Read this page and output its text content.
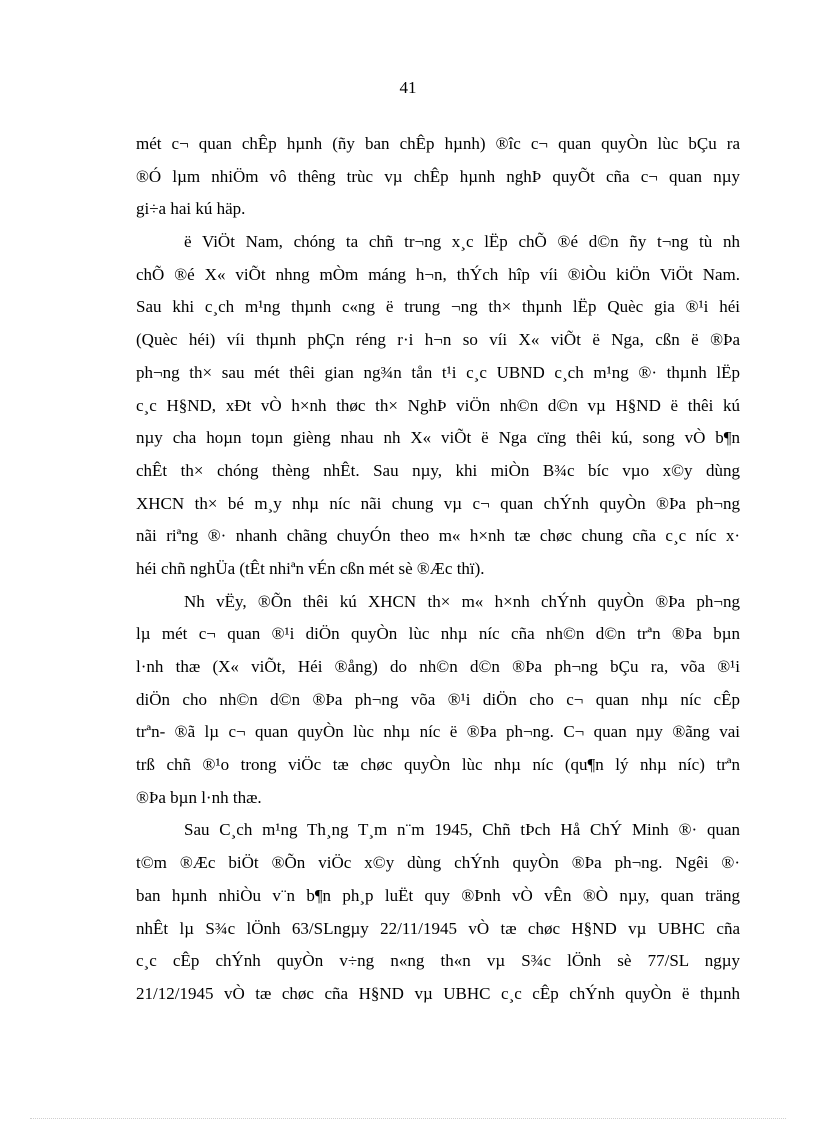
41
mét c¬ quan chÊp hµnh (ñy ban chÊp hµnh) ®îc c¬ quan quyÒn lùc bÇu ra
®Ó lµm nhiÖm vô thêng trùc vµ chÊp hµnh nghÞ quyÕt cña c¬ quan nµy
gi÷a hai kú häp.
ë ViÖt Nam, chóng ta chñ tr¬ng x¸c lËp chÕ ®é d©n ñy t¬ng tù nh
chÕ ®é X« viÕt nhng mÒm máng h¬n, thÝch hîp víi ®iÒu kiÖn ViÖt Nam.
Sau khi c¸ch m¹ng thµnh c«ng ë trung ¬ng th× thµnh lËp Quèc gia ®¹i héi
(Quèc héi) víi thµnh phÇn réng r·i h¬n so víi X« viÕt ë Nga, cßn ë ®Þa
ph¬ng th× sau mét thêi gian ng¾n tån t¹i c¸c UBND c¸ch m¹ng ®· thµnh lËp
c¸c H§ND, xÐt vÒ h×nh thøc th× NghÞ viÖn nh©n d©n vµ H§ND ë thêi kú
nµy cha hoµn toµn gièng nhau nh X« viÕt ë Nga cïng thêi kú, song vÒ b¶n
chÊt th× chóng thèng nhÊt. Sau nµy, khi miÒn B¾c bíc vµo x©y dùng
XHCN th× bé m¸y nhµ níc nãi chung vµ c¬ quan chÝnh quyÒn ®Þa ph¬ng
nãi riªng ®· nhanh chãng chuyÓn theo m« h×nh tæ chøc chung cña c¸c níc x·
héi chñ nghÜa (tÊt nhiªn vÉn cßn mét sè ®Æc thï).
Nh vËy, ®Õn thêi kú XHCN th× m« h×nh chÝnh quyÒn ®Þa ph¬ng
lµ mét c¬ quan ®¹i diÖn quyÒn lùc nhµ níc cña nh©n d©n trªn ®Þa bµn
l·nh thæ (X« viÕt, Héi ®ång) do nh©n d©n ®Þa ph¬ng bÇu ra, võa ®¹i
diÖn cho nh©n d©n ®Þa ph¬ng võa ®¹i diÖn cho c¬ quan nhµ níc cÊp
trªn- ®ã lµ c¬ quan quyÒn lùc nhµ níc ë ®Þa ph¬ng. C¬ quan nµy ®ãng vai
trß chñ ®¹o trong viÖc tæ chøc quyÒn lùc nhµ níc (qu¶n lý nhµ níc) trªn
®Þa bµn l·nh thæ.
Sau C¸ch m¹ng Th¸ng T¸m n¨m 1945, Chñ tÞch Hå ChÝ Minh ®· quan
t©m ®Æc biÖt ®Õn viÖc x©y dùng chÝnh quyÒn ®Þa ph¬ng. Ngêi ®·
ban hµnh nhiÒu v¨n b¶n ph¸p luËt quy ®Þnh vÒ vÊn ®Ò nµy, quan träng
nhÊt lµ S¾c lÖnh 63/SLngµy 22/11/1945 vÒ tæ chøc H§ND vµ UBHC cña
c¸c cÊp chÝnh quyÒn v÷ng n«ng th«n vµ S¾c lÖnh sè 77/SL ngµy
21/12/1945 vÒ tæ chøc cña H§ND vµ UBHC c¸c cÊp chÝnh quyÒn ë thµnh
